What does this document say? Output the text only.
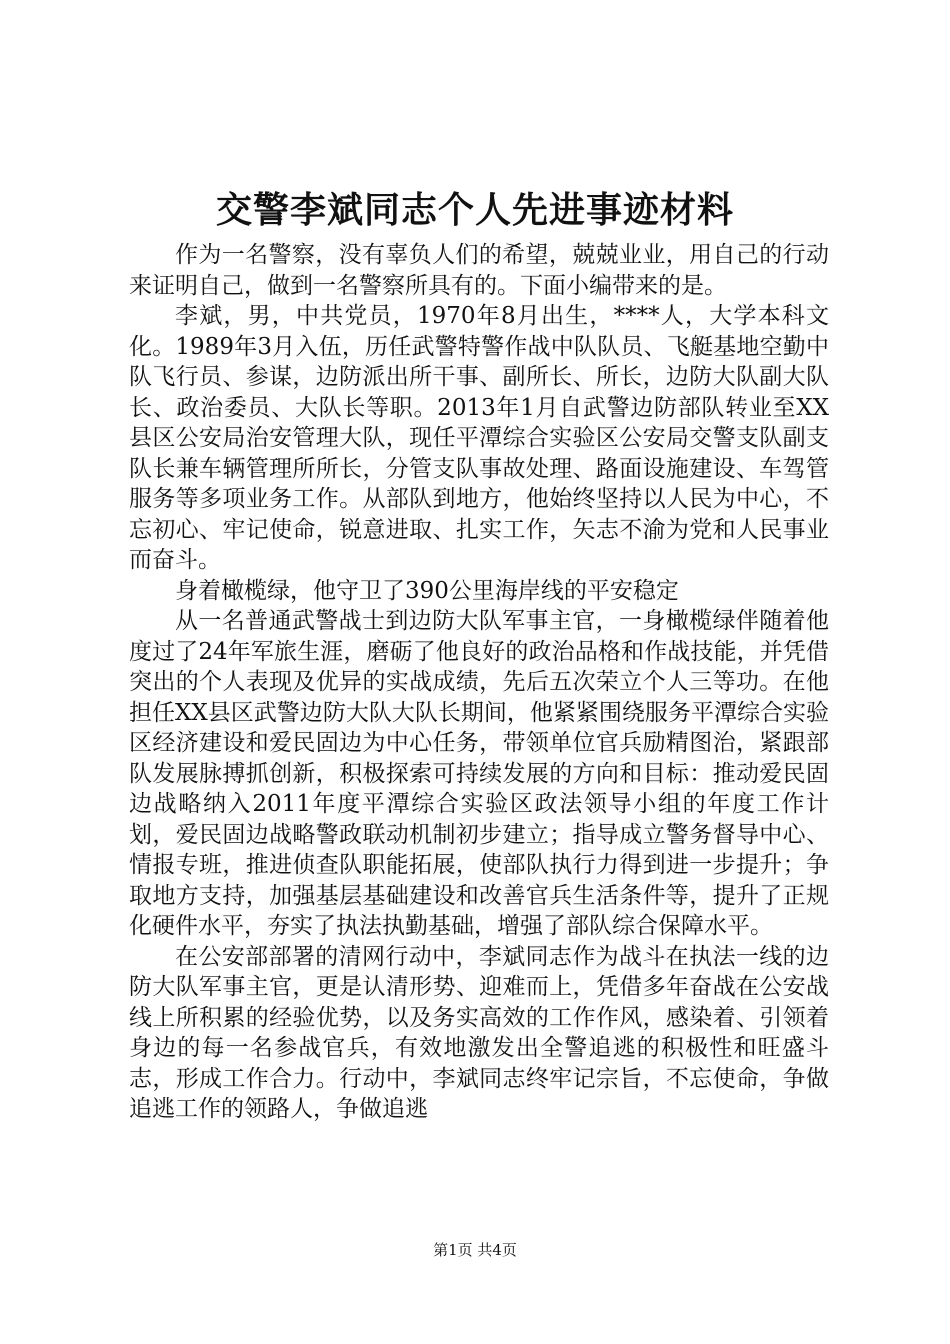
交警李斌同志个人先进事迹材料

作为一名警察，没有辜负人们的希望，兢兢业业，用自己的行动来证明自己，做到一名警察所具有的。下面小编带来的是。

李斌，男，中共党员，1970年8月出生，****人，大学本科文化。1989年3月入伍，历任武警特警作战中队队员、飞艇基地空勤中队飞行员、参谋，边防派出所干事、副所长、所长，边防大队副大队长、政治委员、大队长等职。2013年1月自武警边防部队转业至XX县区公安局治安管理大队，现任平潭综合实验区公安局交警支队副支队长兼车辆管理所所长，分管支队事故处理、路面设施建设、车驾管服务等多项业务工作。从部队到地方，他始终坚持以人民为中心，不忘初心、牢记使命，锐意进取、扎实工作，矢志不渝为党和人民事业而奋斗。

身着橄榄绿，他守卫了390公里海岸线的平安稳定

从一名普通武警战士到边防大队军事主官，一身橄榄绿伴随着他度过了24年军旅生涯，磨砺了他良好的政治品格和作战技能，并凭借突出的个人表现及优异的实战成绩，先后五次荣立个人三等功。在他担任XX县区武警边防大队大队长期间，他紧紧围绕服务平潭综合实验区经济建设和爱民固边为中心任务，带领单位官兵励精图治，紧跟部队发展脉搏抓创新，积极探索可持续发展的方向和目标：推动爱民固边战略纳入2011年度平潭综合实验区政法领导小组的年度工作计划，爱民固边战略警政联动机制初步建立；指导成立警务督导中心、情报专班，推进侦查队职能拓展，使部队执行力得到进一步提升；争取地方支持，加强基层基础建设和改善官兵生活条件等，提升了正规化硬件水平，夯实了执法执勤基础，增强了部队综合保障水平。

在公安部部署的清网行动中，李斌同志作为战斗在执法一线的边防大队军事主官，更是认清形势、迎难而上，凭借多年奋战在公安战线上所积累的经验优势，以及务实高效的工作作风，感染着、引领着身边的每一名参战官兵，有效地激发出全警追逃的积极性和旺盛斗志，形成工作合力。行动中，李斌同志终牢记宗旨，不忘使命，争做追逃工作的领路人，争做追逃

第1页 共4页
